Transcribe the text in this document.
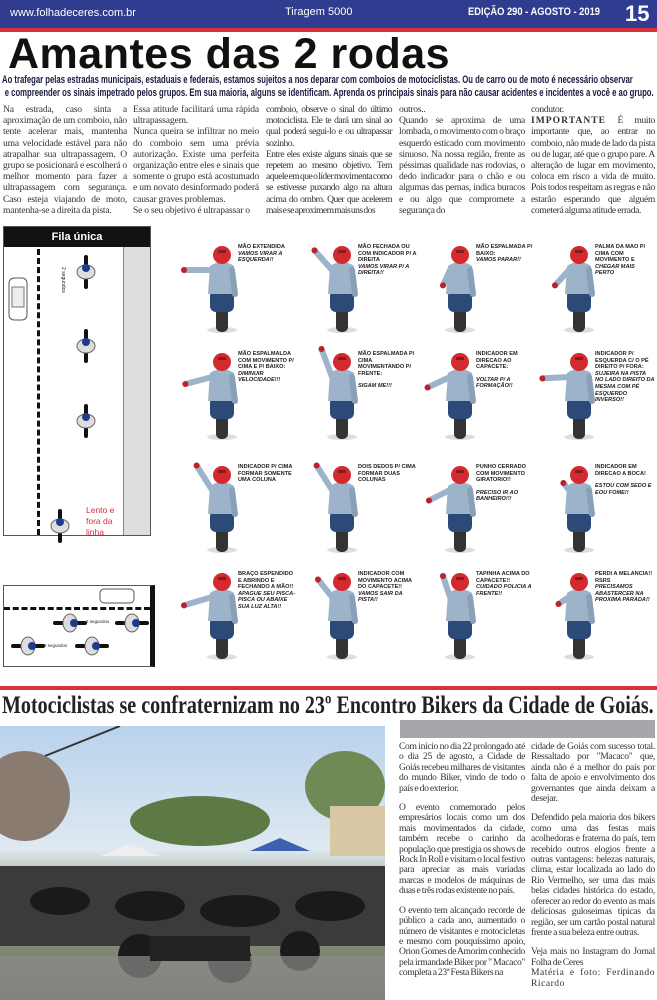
www.folhadeceres.com.br	Tiragem 5000	EDIÇÃO 290 - AGOSTO - 2019 15
Amantes das 2 rodas
Ao trafegar pelas estradas municipais, estaduais e federais, estamos sujeitos a nos deparar com comboios de motociclistas. Ou de carro ou de moto é necessário observar
e compreender os sinais impetrado pelos grupos. Em sua maioria, alguns se identificam. Aprenda os principais sinais para não causar acidentes e incidentes a você e ao grupo.

Na estrada, caso sinta a aproximação de um comboio, não tente acelerar mais, mantenha uma velocidade estável para não atrapalhar sua ultrapassagem. O grupo se posicionará e escolherá o melhor momento para fazer a ultrapassagem com segurança. Caso esteja viajando de moto, mantenha-se a direita da pista.

Essa atitude facilitará uma rápida ultrapassagem.

Nunca queira se infiltrar no meio do comboio sem uma prévia autorização. Existe uma perfeita organização entre eles e sinais que somente o grupo está acostumado e um novato desinformado poderá causar graves problemas.

Se o seu objetivo é ultrapassar o

comboio, observe o sinal do último motociclista. Ele te dará um sinal ao qual poderá segui-lo e ou ultrapassar sozinho.

Entre eles existe alguns sinais que se repetem ao mesmo objetivo. Tem aquele em que o líder movimenta como se estivesse puxando algo na altura acima do ombro. Quer que acelerem mais e se aproximem mais uns dos

outros..

Quando se aproxima de uma lombada, o movimento com o braço esquerdo esticado com movimento sinuoso. Na nossa região, frente as péssimas qualidade nas rodovias, o dedo indicador para o chão e ou algumas das pernas, indica buracos e ou algo que compromete a segurança do

condutor.

IMPORTANTE É muito importante que, ao entrar no comboio, não mude de lado da pista ou de lugar, até que o grupo pare. A alteração de lugar em movimento, coloca em risco a vida de muito. Pois todos respeitam as regras e não estarão esperando que alguém cometerá alguma atitude errada.

Fila única
2 segundos
Lento e fora da linha
2 segundos
2 segundos
MÃO EXTENDIDA
VAMOS VIRAR A ESQUERDA!!
MÃO FECHADA OU COM INDICADOR P/ A DIREITA
VAMOS VIRAR P/ A DIREITA!!
MÃO ESPALMADA P/ BAIXO:
VAMOS PARAR!!
PALMA DA MAO P/ CIMA COM MOVIMENTO E
CHEGAR MAIS PERTO
MÃO ESPALMALDA COM MOVIMENTO P/ CIMA E P/ BAIXO:
DIMINUIR VELOCIDADE!!!
MÃO ESPALMADA P/ CIMA MOVIMENTANDO P/ FRENTE:
SIGAM ME!!!
INDICADOR EM DIRECAO AO CAPACETE:
VOLTAR P/ A FORMAÇÃO!!
INDICADOR P/ ESQUERDA C/ O PÉ DIREITO P/ FORA:
SUJEIRA NA PISTA NO LADO DIREITO DA MESMA COM PÉ ESQUERDO INVERSO!!
INDICADOR P/ CIMA FORMAR SOMENTE UMA COLUNA
DOIS DEDOS P/ CIMA FORMAR DUAS COLUNAS
PUNHO CERRADO COM MOVIMENTO GIRATORIO!!
PRECISO IR AO BANHEIRO!!!
INDICADOR EM DIRECAO A BOCA!
ESTOU COM SEDO E EOU FOME!!
BRAÇO ESPENDIDO E ABRINDO E FECHANDO A MÃO!!
APAGUE SEU PISCA-PISCA OU ABAIXE SUA LUZ ALTA!!
INDICADOR COM MOVIMENTO ACIMA DO CAPACETE!!
VAMOS SAIR DA PISTA!!
TAPINHA ACIMA DO CAPACETE!!
CUIDADO POLICIA A FRENTE!!
PERDI A MELANCIA!! RSRS
PRECISAMOS ABASTERCER NA PROXIMA PARADA!!
Motociclistas se confraternizam no 23º Encontro Bikers da Cidade de Goiás.

Com início no dia 22 prolongado até o dia 25 de agosto, a Cidade de Goiás recebeu milhares de visitantes do mundo Biker, vindo de todo o país e do exterior.

O evento comemorado pelos empresários locais como um dos mais movimentados da cidade, também recebe o carinho da população que prestigia os shows de Rock In Roll e visitam o local festivo para apreciar as mais variadas marcas e modelos de máquinas de duas e três rodas existente no país.

O evento tem alcançado recorde de público a cada ano, aumentado o número de visitantes e motocicletas e mesmo com pouquíssimo apoio, Orion Gomes de Amorim conhecido pela irmandade Biker por " Macaco" completa a 23ª Festa Bikers na

cidade de Goiás com sucesso total. Ressaltado por "Macaco" que, ainda não é a melhor do país por falta de apoio e envolvimento dos governantes que ainda deixam a desejar.

Defendido pela maioria dos bikers como uma das festas mais acolhedoras e fraterna do país, tem recebido outros elogios frente a outras vantagens: belezas naturais, clima, estar localizada ao lado do Rio Vermelho, ser uma das mais belas cidades histórica do estado, oferecer ao redor do evento as mais deliciosas guloseimas típicas da região, ser um cartão postal natural frente a sua beleza entre outras.

Veja mais no Instagram do Jornal Folha de Ceres

Matéria e foto: Ferdinando Ricardo
